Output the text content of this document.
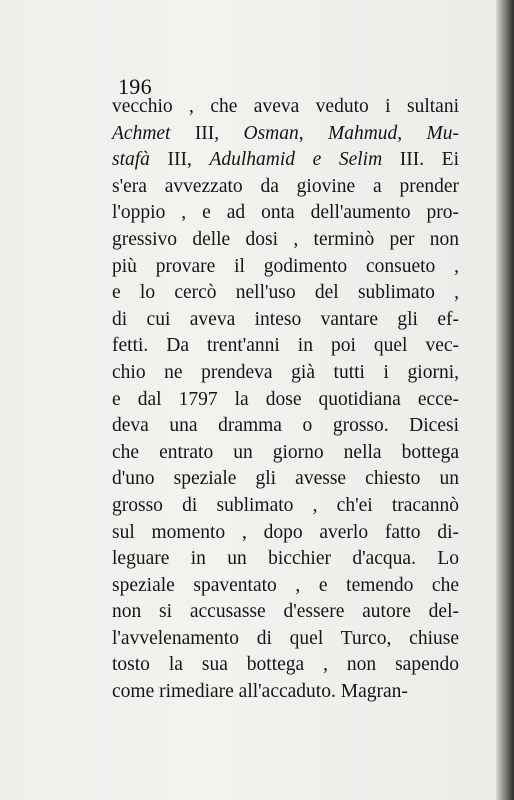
196
vecchio , che aveva veduto i sultani
Achmet III, Osman, Mahmud, Mu-
stafà III, Adulhamid e Selim III. Ei
s'era avvezzato da giovine a prender
l'oppio , e ad onta dell'aumento pro-
gressivo delle dosi , terminò per non
più provare il godimento consueto ,
e lo cercò nell'uso del sublimato ,
di cui aveva inteso vantare gli ef-
fetti. Da trent'anni in poi quel vec-
chio ne prendeva già tutti i giorni,
e dal 1797 la dose quotidiana ecce-
deva una dramma o grosso. Dicesi
che entrato un giorno nella bottega
d'uno speziale gli avesse chiesto un
grosso di sublimato , ch'ei tracannò
sul momento , dopo averlo fatto di-
leguare in un bicchier d'acqua. Lo
speziale spaventato , e temendo che
non si accusasse d'essere autore del-
l'avvelenamento di quel Turco, chiuse
tosto la sua bottega , non sapendo
come rimediare all'accaduto. Magran-
